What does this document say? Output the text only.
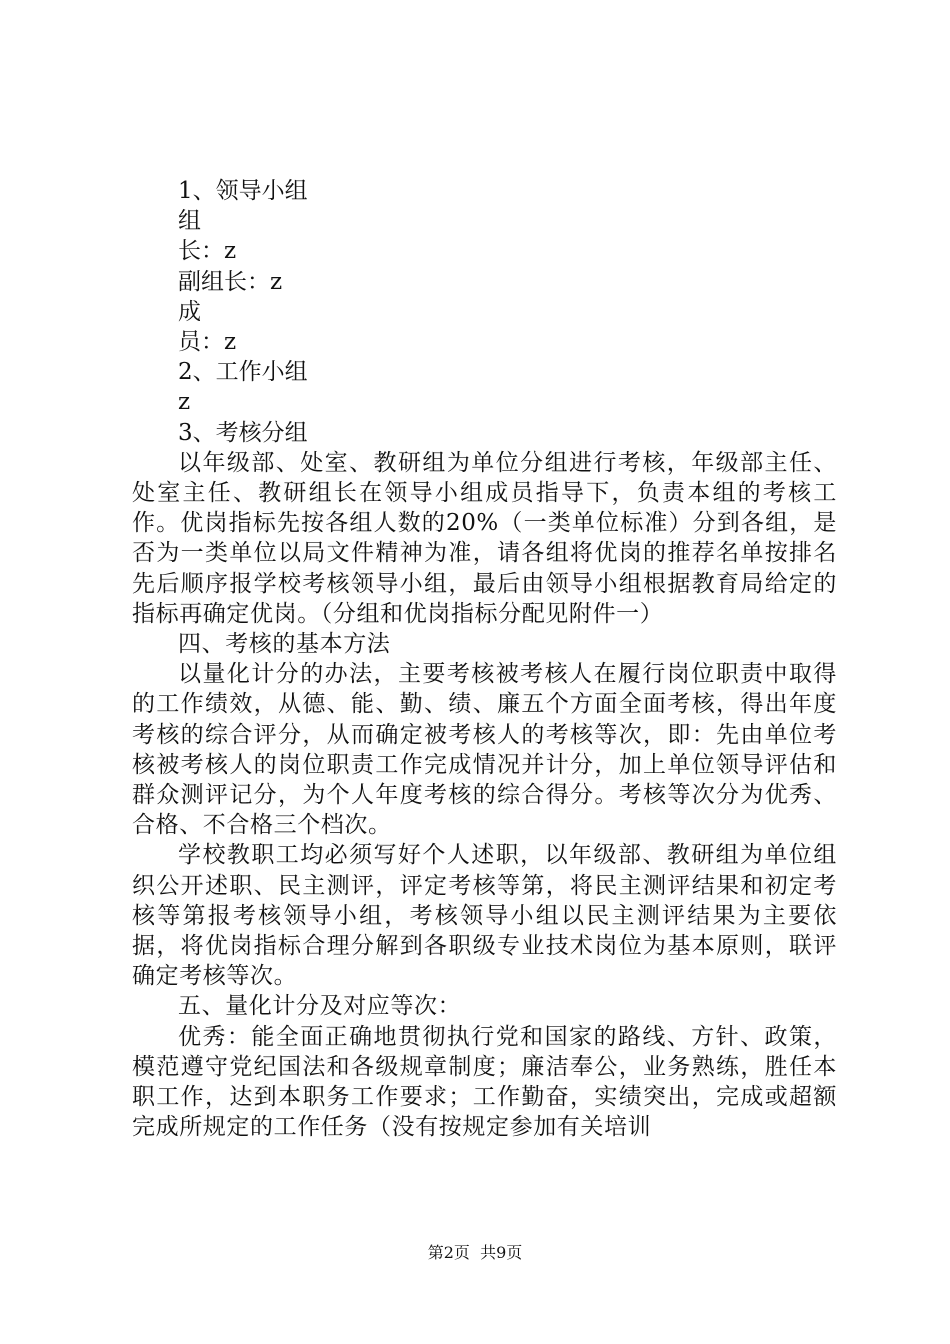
1、领导小组
组
长：z
副组长：z
成
员：z
2、工作小组
z
3、考核分组
以年级部、处室、教研组为单位分组进行考核，年级部主任、处室主任、教研组长在领导小组成员指导下，负责本组的考核工作。优岗指标先按各组人数的20%（一类单位标准）分到各组，是否为一类单位以局文件精神为准，请各组将优岗的推荐名单按排名先后顺序报学校考核领导小组，最后由领导小组根据教育局给定的指标再确定优岗。（分组和优岗指标分配见附件一）
四、考核的基本方法
以量化计分的办法，主要考核被考核人在履行岗位职责中取得的工作绩效，从德、能、勤、绩、廉五个方面全面考核，得出年度考核的综合评分，从而确定被考核人的考核等次，即：先由单位考核被考核人的岗位职责工作完成情况并计分，加上单位领导评估和群众测评记分，为个人年度考核的综合得分。考核等次分为优秀、合格、不合格三个档次。
学校教职工均必须写好个人述职，以年级部、教研组为单位组织公开述职、民主测评，评定考核等第，将民主测评结果和初定考核等第报考核领导小组，考核领导小组以民主测评结果为主要依据，将优岗指标合理分解到各职级专业技术岗位为基本原则，联评确定考核等次。
五、量化计分及对应等次：
优秀：能全面正确地贯彻执行党和国家的路线、方针、政策，模范遵守党纪国法和各级规章制度；廉洁奉公，业务熟练，胜任本职工作，达到本职务工作要求；工作勤奋，实绩突出，完成或超额完成所规定的工作任务（没有按规定参加有关培训
第2页  共9页
